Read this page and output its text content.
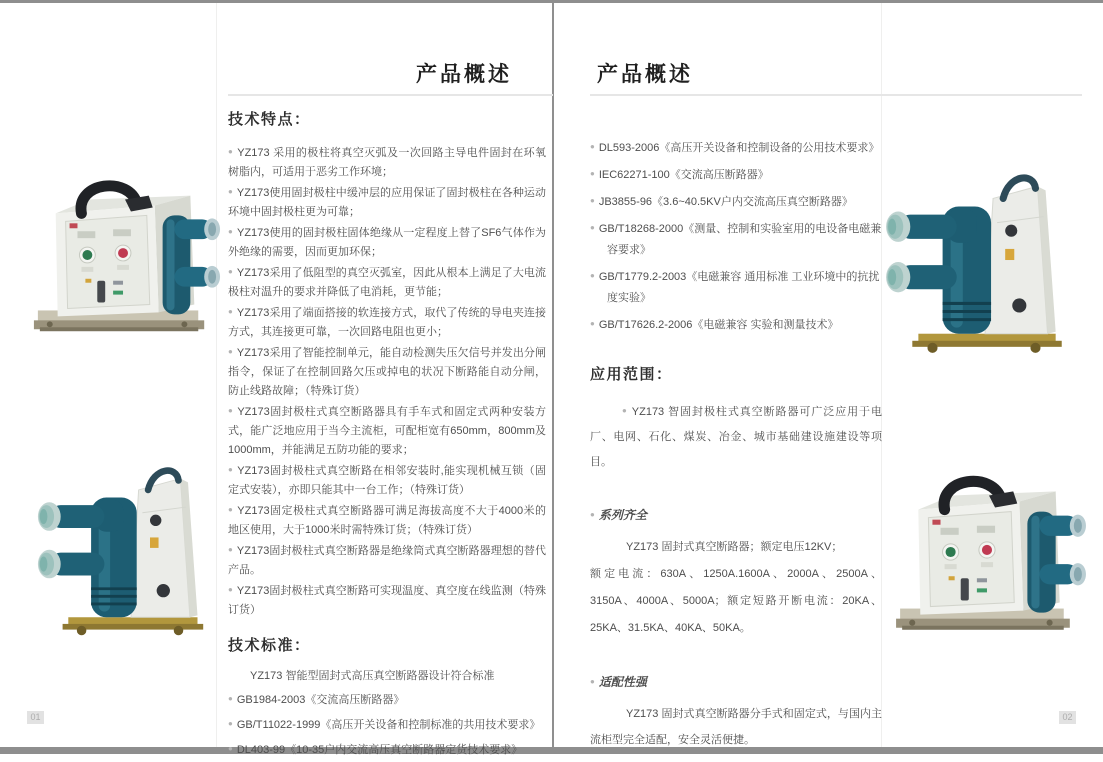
产品概述
技术特点：

● YZ173 采用的极柱将真空灭弧及一次回路主导电件固封在环氧树脂内，可适用于恶劣工作环境；

● YZ173使用固封极柱中缓冲层的应用保证了固封极柱在各种运动环境中固封极柱更为可靠；

● YZ173使用的固封极柱固体绝缘从一定程度上替了SF6气体作为外绝缘的需要，因而更加环保；

● YZ173采用了低阻型的真空灭弧室，因此从根本上满足了大电流极柱对温升的要求并降低了电消耗，更节能；

● YZ173采用了端面搭接的软连接方式，取代了传统的导电夹连接方式，其连接更可靠，一次回路电阻也更小；

● YZ173采用了智能控制单元，能自动检测失压欠信号并发出分闸指令，保证了在控制回路欠压或掉电的状况下断路能自动分闸，防止线路故障；（特殊订货）

● YZ173固封极柱式真空断路器具有手车式和固定式两种安装方式，能广泛地应用于当今主流柜，可配柜宽有650mm，800mm及1000mm，并能满足五防功能的要求；

● YZ173固封极柱式真空断路在相邻安装时,能实现机械互锁（固定式安装），亦即只能其中一台工作；（特殊订货）

● YZ173固定极柱式真空断路器可满足海拔高度不大于4000米的地区使用，大于1000米时需特殊订货；（特殊订货）

● YZ173固封极柱式真空断路器是绝缘筒式真空断路器理想的替代产品。

● YZ173固封极柱式真空断路可实现温度、真空度在线监测（特殊订货）

技术标准：

YZ173 智能型固封式高压真空断路器设计符合标准

● GB1984-2003《交流高压断路器》
● GB/T11022-1999《高压开关设备和控制标准的共用技术要求》
● DL403-99《10-35户内交流高压真空断路器定货技术要求》
01
产品概述
● DL593-2006《高压开关设备和控制设备的公用技术要求》
● IEC62271-100《交流高压断路器》
● JB3855-96《3.6~40.5KV户内交流高压真空断路器》
● GB/T18268-2000《测量、控制和实验室用的电设备电磁兼容要求》
● GB/T1779.2-2003《电磁兼容 通用标准 工业环境中的抗扰度实验》
● GB/T17626.2-2006《电磁兼容 实验和测量技术》
应用范围：

● YZ173 智固封极柱式真空断路器可广泛应用于电厂、电网、石化、煤炭、冶金、城市基础建设施建设等项目。

● 系列齐全

YZ173 固封式真空断路器；额定电压12KV；

额定电流：630A、1250A.1600A、2000A、2500A、3150A、4000A、5000A；额定短路开断电流：20KA、25KA、31.5KA、40KA、50KA。

● 适配性强

YZ173 固封式真空断路器分手式和固定式，与国内主流柜型完全适配，安全灵活便捷。

02
